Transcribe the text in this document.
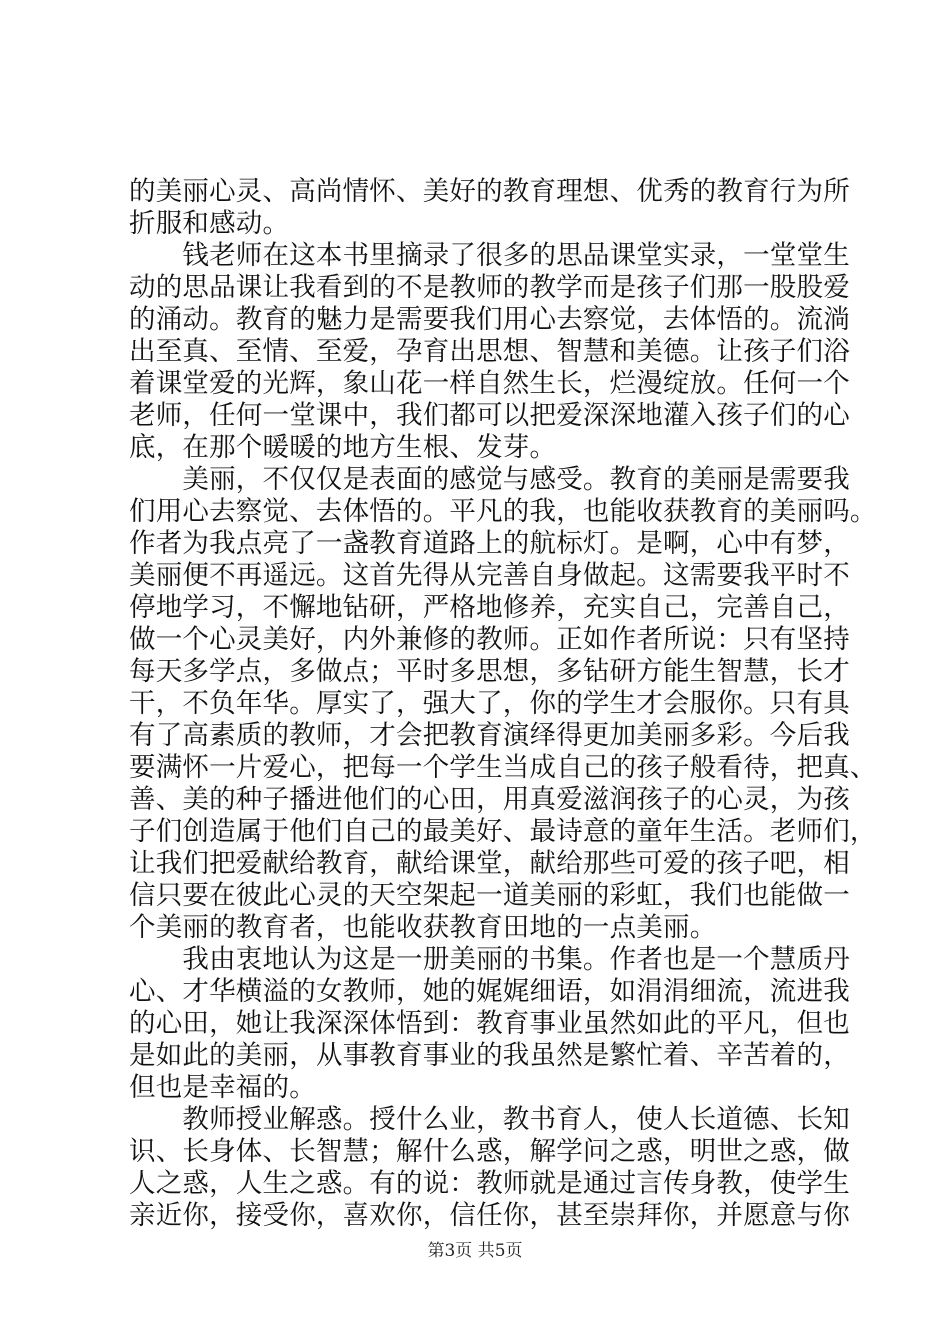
的美丽心灵、高尚情怀、美好的教育理想、优秀的教育行为所
折服和感动。
　　钱老师在这本书里摘录了很多的思品课堂实录，一堂堂生
动的思品课让我看到的不是教师的教学而是孩子们那一股股爱
的涌动。教育的魅力是需要我们用心去察觉，去体悟的。流淌
出至真、至情、至爱，孕育出思想、智慧和美德。让孩子们浴
着课堂爱的光辉，象山花一样自然生长，烂漫绽放。任何一个
老师，任何一堂课中，我们都可以把爱深深地灌入孩子们的心
底，在那个暖暖的地方生根、发芽。
　　美丽，不仅仅是表面的感觉与感受。教育的美丽是需要我
们用心去察觉、去体悟的。平凡的我，也能收获教育的美丽吗。
作者为我点亮了一盏教育道路上的航标灯。是啊，心中有梦，
美丽便不再遥远。这首先得从完善自身做起。这需要我平时不
停地学习，不懈地钻研，严格地修养，充实自己，完善自己，
做一个心灵美好，内外兼修的教师。正如作者所说：只有坚持
每天多学点，多做点；平时多思想，多钻研方能生智慧，长才
干，不负年华。厚实了，强大了，你的学生才会服你。只有具
有了高素质的教师，才会把教育演绎得更加美丽多彩。今后我
要满怀一片爱心，把每一个学生当成自己的孩子般看待，把真、
善、美的种子播进他们的心田，用真爱滋润孩子的心灵，为孩
子们创造属于他们自己的最美好、最诗意的童年生活。老师们，
让我们把爱献给教育，献给课堂，献给那些可爱的孩子吧，相
信只要在彼此心灵的天空架起一道美丽的彩虹，我们也能做一
个美丽的教育者，也能收获教育田地的一点美丽。
　　我由衷地认为这是一册美丽的书集。作者也是一个慧质丹
心、才华横溢的女教师，她的娓娓细语，如涓涓细流，流进我
的心田，她让我深深体悟到：教育事业虽然如此的平凡，但也
是如此的美丽，从事教育事业的我虽然是繁忙着、辛苦着的，
但也是幸福的。
　　教师授业解惑。授什么业，教书育人，使人长道德、长知
识、长身体、长智慧；解什么惑，解学问之惑，明世之惑，做
人之惑，人生之惑。有的说：教师就是通过言传身教，使学生
亲近你，接受你，喜欢你，信任你，甚至崇拜你，并愿意与你
第3页 共5页
